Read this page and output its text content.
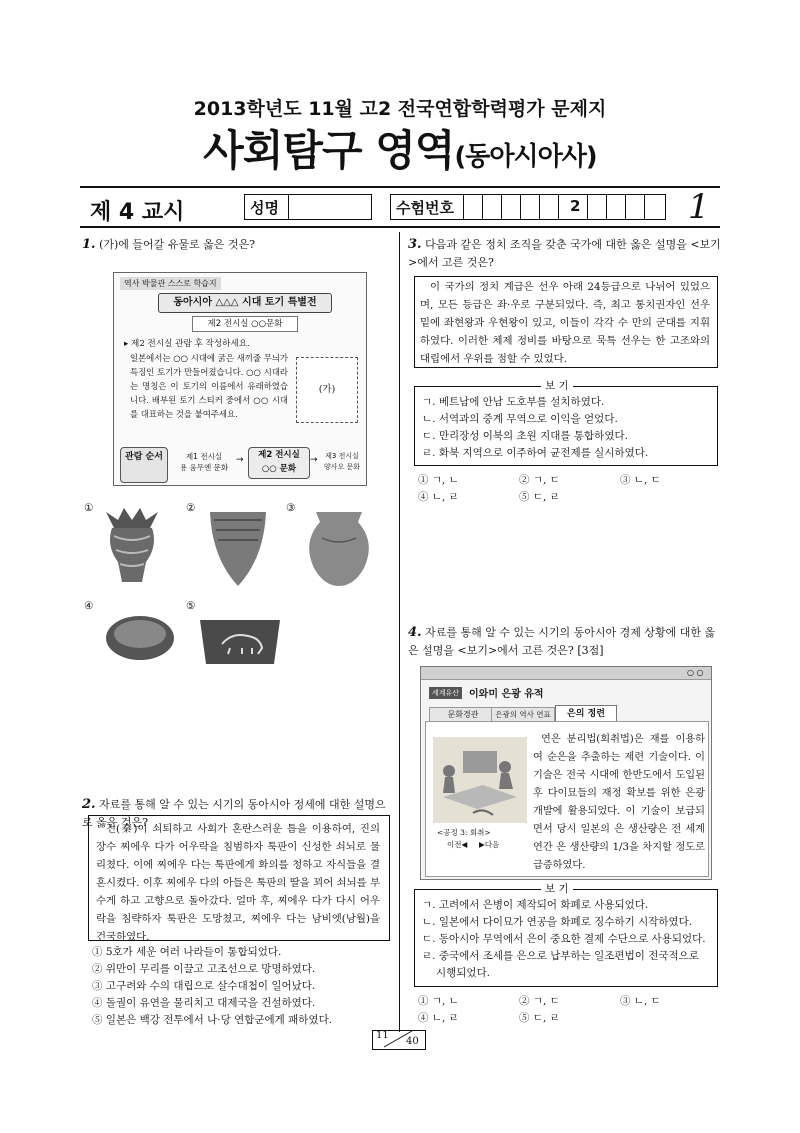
2013학년도 11월 고2 전국연합학력평가 문제지
사회탐구 영역(동아시아사)
제 4 교시	성명	수험번호	2	1
1. (가)에 들어갈 유물로 옳은 것은?
역사 박물관 스스로 학습지
동아시아 △△△ 시대 토기 특별전
제2 전시실 ○○문화
▸ 제2 전시실 관람 후 작성하세요.
일본에서는 ○○ 시대에 굵은 새끼줄 무늬가 특징인 토기가 만들어졌습니다. ○○ 시대라는 명칭은 이 토기의 이름에서 유래하였습니다. 배부된 토기 스티커 중에서 ○○ 시대를 대표하는 것을 붙여주세요.
(가)
관람 순서	제1 전시실
용 움무엔 문화
→	제2 전시실
○○ 문화
→	제3 전시실
양사오 문화
①	②	③
④	⑤
2. 자료를 통해 알 수 있는 시기의 동아시아 정세에 대한 설명으로 옳은 것은?
진(秦)이 쇠퇴하고 사회가 혼란스러운 틈을 이용하여, 진의 장수 찌에우 다가 어우락을 침범하자 툭판이 신성한 쇠뇌로 물리쳤다. 이에 찌에우 다는 툭판에게 화의를 청하고 자식들을 결혼시켰다. 이후 찌에우 다의 아들은 툭판의 딸을 꾀어 쇠뇌를 부수게 하고 고향으로 돌아갔다. 얼마 후, 찌에우 다가 다시 어우락을 침략하자 툭판은 도망쳤고, 찌에우 다는 남비엣(남월)을 건국하였다.
① 5호가 세운 여러 나라들이 통합되었다.
② 위만이 무리를 이끌고 고조선으로 망명하였다.
③ 고구려와 수의 대립으로 살수대첩이 일어났다.
④ 돌궐이 유연을 물리치고 대제국을 건설하였다.
⑤ 일본은 백강 전투에서 나·당 연합군에게 패하였다.
3. 다음과 같은 정치 조직을 갖춘 국가에 대한 옳은 설명을 <보기>에서 고른 것은?
이 국가의 정치 계급은 선우 아래 24등급으로 나뉘어 있었으며, 모든 등급은 좌·우로 구분되었다. 즉, 최고 통치권자인 선우 밑에 좌현왕과 우현왕이 있고, 이들이 각각 수 만의 군대를 지휘하였다. 이러한 체제 정비를 바탕으로 묵특 선우는 한 고조와의 대립에서 우위를 점할 수 있었다.
보 기
ㄱ. 베트남에 안남 도호부를 설치하였다.
ㄴ. 서역과의 중계 무역으로 이익을 얻었다.
ㄷ. 만리장성 이북의 초원 지대를 통합하였다.
ㄹ. 화북 지역으로 이주하여 균전제를 실시하였다.
① ㄱ, ㄴ	② ㄱ, ㄷ	③ ㄴ, ㄷ
④ ㄴ, ㄹ	⑤ ㄷ, ㄹ
4. 자료를 통해 알 수 있는 시기의 동아시아 경제 상황에 대한 옳은 설명을 <보기>에서 고른 것은? [3점]
○ ○
세계유산 이와미 은광 유적
문화경관	은광의 역사 연표	은의 정련
<공정 3: 회취>
이전◀ ▶다음
연은 분리법(회취법)은 재를 이용하여 순은을 추출하는 제련 기술이다. 이 기술은 전국 시대에 한반도에서 도입된 후 다이묘들의 재정 확보를 위한 은광 개발에 활용되었다. 이 기술이 보급되면서 당시 일본의 은 생산량은 전 세계 연간 은 생산량의 1/3을 차지할 정도로 급증하였다.
보 기
ㄱ. 고려에서 은병이 제작되어 화폐로 사용되었다.
ㄴ. 일본에서 다이묘가 연공을 화폐로 징수하기 시작하였다.
ㄷ. 동아시아 무역에서 은이 중요한 결제 수단으로 사용되었다.
ㄹ. 중국에서 조세를 은으로 납부하는 일조편법이 전국적으로 시행되었다.
① ㄱ, ㄴ	② ㄱ, ㄷ	③ ㄴ, ㄷ
④ ㄴ, ㄹ	⑤ ㄷ, ㄹ
11
40
